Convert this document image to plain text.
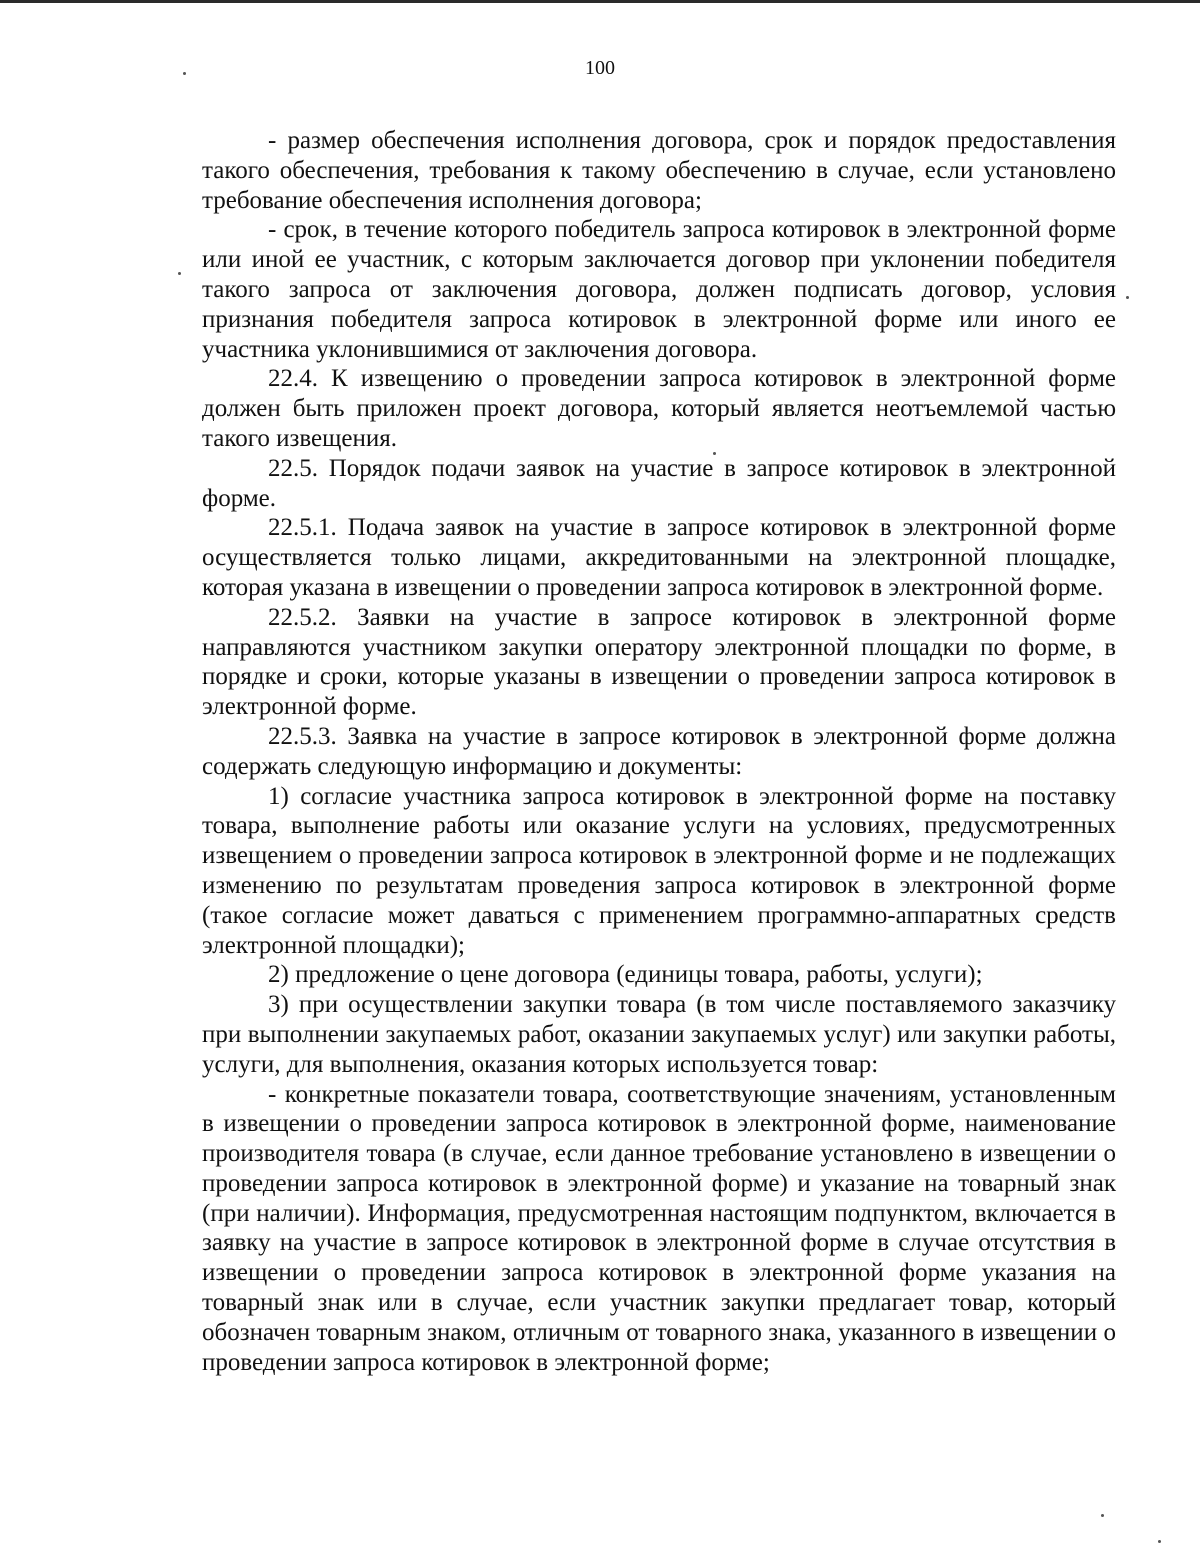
100

- размер обеспечения исполнения договора, срок и порядок предоставления такого обеспечения, требования к такому обеспечению в случае, если установлено требование обеспечения исполнения договора;

- срок, в течение которого победитель запроса котировок в электронной форме или иной ее участник, с которым заключается договор при уклонении победителя такого запроса от заключения договора, должен подписать договор, условия признания победителя запроса котировок в электронной форме или иного ее участника уклонившимися от заключения договора.

22.4. К извещению о проведении запроса котировок в электронной форме должен быть приложен проект договора, который является неотъемлемой частью такого извещения.

22.5. Порядок подачи заявок на участие в запросе котировок в электронной форме.

22.5.1. Подача заявок на участие в запросе котировок в электронной форме осуществляется только лицами, аккредитованными на электронной площадке, которая указана в извещении о проведении запроса котировок в электронной форме.

22.5.2. Заявки на участие в запросе котировок в электронной форме направляются участником закупки оператору электронной площадки по форме, в порядке и сроки, которые указаны в извещении о проведении запроса котировок в электронной форме.

22.5.3. Заявка на участие в запросе котировок в электронной форме должна содержать следующую информацию и документы:

1) согласие участника запроса котировок в электронной форме на поставку товара, выполнение работы или оказание услуги на условиях, предусмотренных извещением о проведении запроса котировок в электронной форме и не подлежащих изменению по результатам проведения запроса котировок в электронной форме (такое согласие может даваться с применением программно-аппаратных средств электронной площадки);

2) предложение о цене договора (единицы товара, работы, услуги);

3) при осуществлении закупки товара (в том числе поставляемого заказчику при выполнении закупаемых работ, оказании закупаемых услуг) или закупки работы, услуги, для выполнения, оказания которых используется товар:

- конкретные показатели товара, соответствующие значениям, установленным в извещении о проведении запроса котировок в электронной форме, наименование производителя товара (в случае, если данное требование установлено в извещении о проведении запроса котировок в электронной форме) и указание на товарный знак (при наличии). Информация, предусмотренная настоящим подпунктом, включается в заявку на участие в запросе котировок в электронной форме в случае отсутствия в извещении о проведении запроса котировок в электронной форме указания на товарный знак или в случае, если участник закупки предлагает товар, который обозначен товарным знаком, отличным от товарного знака, указанного в извещении о проведении запроса котировок в электронной форме;
